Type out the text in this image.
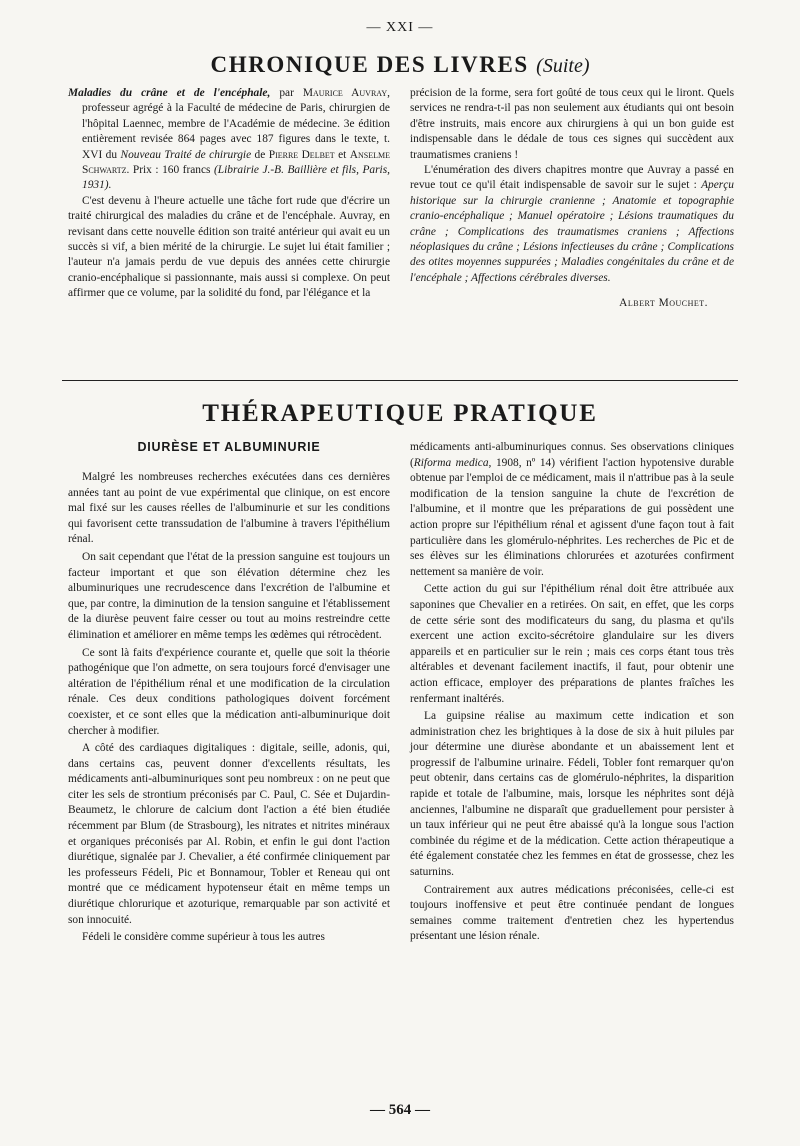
— XXI —
CHRONIQUE DES LIVRES (Suite)

Maladies du crâne et de l'encéphale, par Maurice Auvray, professeur agrégé à la Faculté de médecine de Paris, chirurgien de l'hôpital Laennec, membre de l'Académie de médecine. 3e édition entièrement revisée 864 pages avec 187 figures dans le texte, t. XVI du Nouveau Traité de chirurgie de Pierre Delbet et Anselme Schwartz. Prix : 160 francs (Librairie J.-B. Baillière et fils, Paris, 1931).

C'est devenu à l'heure actuelle une tâche fort rude que d'écrire un traité chirurgical des maladies du crâne et de l'encéphale. Auvray, en revisant dans cette nouvelle édition son traité antérieur qui avait eu un succès si vif, a bien mérité de la chirurgie. Le sujet lui était familier ; l'auteur n'a jamais perdu de vue depuis des années cette chirurgie cranio-encéphalique si passionnante, mais aussi si complexe. On peut affirmer que ce volume, par la solidité du fond, par l'élégance et la

précision de la forme, sera fort goûté de tous ceux qui le liront. Quels services ne rendra-t-il pas non seulement aux étudiants qui ont besoin d'être instruits, mais encore aux chirurgiens à qui un bon guide est indispensable dans le dédale de tous ces signes qui succèdent aux traumatismes craniens !

L'énumération des divers chapitres montre que Auvray a passé en revue tout ce qu'il était indispensable de savoir sur le sujet : Aperçu historique sur la chirurgie cranienne ; Anatomie et topographie cranio-encéphalique ; Manuel opératoire ; Lésions traumatiques du crâne ; Complications des traumatismes craniens ; Affections néoplasiques du crâne ; Lésions infectieuses du crâne ; Complications des otites moyennes suppurées ; Maladies congénitales du crâne et de l'encéphale ; Affections cérébrales diverses.

Albert Mouchet.

THÉRAPEUTIQUE PRATIQUE
DIURÈSE ET ALBUMINURIE

Malgré les nombreuses recherches exécutées dans ces dernières années tant au point de vue expérimental que clinique, on est encore mal fixé sur les causes réelles de l'albuminurie et sur les conditions qui favorisent cette transsudation de l'albumine à travers l'épithélium rénal.

On sait cependant que l'état de la pression sanguine est toujours un facteur important et que son élévation détermine chez les albuminuriques une recrudescence dans l'excrétion de l'albumine et que, par contre, la diminution de la tension sanguine et l'établissement de la diurèse peuvent faire cesser ou tout au moins restreindre cette élimination et améliorer en même temps les œdèmes qui rétrocèdent.

Ce sont là faits d'expérience courante et, quelle que soit la théorie pathogénique que l'on admette, on sera toujours forcé d'envisager une altération de l'épithélium rénal et une modification de la circulation rénale. Ces deux conditions pathologiques doivent forcément coexister, et ce sont elles que la médication anti-albuminurique doit chercher à modifier.

A côté des cardiaques digitaliques : digitale, seille, adonis, qui, dans certains cas, peuvent donner d'excellents résultats, les médicaments anti-albuminuriques sont peu nombreux : on ne peut que citer les sels de strontium préconisés par C. Paul, C. Sée et Dujardin-Beaumetz, le chlorure de calcium dont l'action a été bien étudiée récemment par Blum (de Strasbourg), les nitrates et nitrites minéraux et organiques préconisés par Al. Robin, et enfin le gui dont l'action diurétique, signalée par J. Chevalier, a été confirmée cliniquement par les professeurs Fédeli, Pic et Bonnamour, Tobler et Reneau qui ont montré que ce médicament hypotenseur était en même temps un diurétique chlorurique et azoturique, remarquable par son activité et son innocuité.

Fédeli le considère comme supérieur à tous les autres

médicaments anti-albuminuriques connus. Ses observations cliniques (Riforma medica, 1908, nº 14) vérifient l'action hypotensive durable obtenue par l'emploi de ce médicament, mais il n'attribue pas à la seule modification de la tension sanguine la chute de l'excrétion de l'albumine, et il montre que les préparations de gui possèdent une action propre sur l'épithélium rénal et agissent d'une façon tout à fait particulière dans les glomérulo-néphrites. Les recherches de Pic et de ses élèves sur les éliminations chlorurées et azoturées confirment nettement sa manière de voir.

Cette action du gui sur l'épithélium rénal doit être attribuée aux saponines que Chevalier en a retirées. On sait, en effet, que les corps de cette série sont des modificateurs du sang, du plasma et qu'ils exercent une action excito-sécrétoire glandulaire sur les divers appareils et en particulier sur le rein ; mais ces corps étant tous très altérables et devenant facilement inactifs, il faut, pour obtenir une action efficace, employer des préparations de plantes fraîches les renfermant inaltérés.

La guipsine réalise au maximum cette indication et son administration chez les brightiques à la dose de six à huit pilules par jour détermine une diurèse abondante et un abaissement lent et progressif de l'albumine urinaire. Fédeli, Tobler font remarquer qu'on peut obtenir, dans certains cas de glomérulo-néphrites, la disparition rapide et totale de l'albumine, mais, lorsque les néphrites sont déjà anciennes, l'albumine ne disparaît que graduellement pour persister à un taux inférieur qui ne peut être abaissé qu'à la longue sous l'action combinée du régime et de la médication. Cette action thérapeutique a été également constatée chez les femmes en état de grossesse, chez les saturnins.

Contrairement aux autres médications préconisées, celle-ci est toujours inoffensive et peut être continuée pendant de longues semaines comme traitement d'entretien chez les hypertendus présentant une lésion rénale.

— 564 —
